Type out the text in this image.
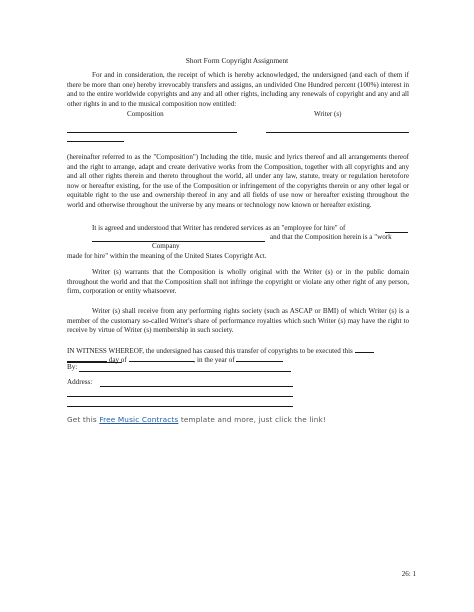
Short Form Copyright Assignment
For and in consideration, the receipt of which is hereby acknowledged, the undersigned (and each of them if there be more than one) hereby irrevocably transfers and assigns, an undivided One Hundred percent (100%) interest in and to the entire worldwide copyrights and any and all other rights, including any renewals of copyright and any and all other rights in and to the musical composition now entitled:
Composition	Writer (s)
(hereinafter referred to as the "Composition") Including the title, music and lyrics thereof and all arrangements thereof and the right to arrange, adapt and create derivative works from the Composition, together with all copyrights and any and all other rights therein and thereto throughout the world, all under any law, statute, treaty or regulation heretofore now or hereafter existing, for the use of the Composition or infringement of the copyrights therein or any other legal or equitable right to the use and ownership thereof in any and all fields of use now or hereafter existing throughout the world and otherwise throughout the universe by any means or technology now known or hereafter existing.
It is agreed and understood that Writer has rendered services as an "employee for hire" of
and that the Composition herein is a "work
Company
made for hire" within the meaning of the United States Copyright Act.
Writer (s) warrants that the Composition is wholly original with the Writer (s) or in the public domain throughout the world and that the Composition shall not infringe the copyright or violate any other right of any person, firm, corporation or entity whatsoever.
Writer (s) shall receive from any performing rights society (such as ASCAP or BMI) of which Writer (s) is a member of the customary so-called Writer's share of performance royalties which such Writer (s) may have the right to receive by virtue of Writer (s) membership in such society.
IN WITNESS WHEREOF, the undersigned has caused this transfer of copyrights to be executed this
day of	, in the year of
By:
Address:
Get this Free Music Contracts template and more, just click the link!
26: 1
